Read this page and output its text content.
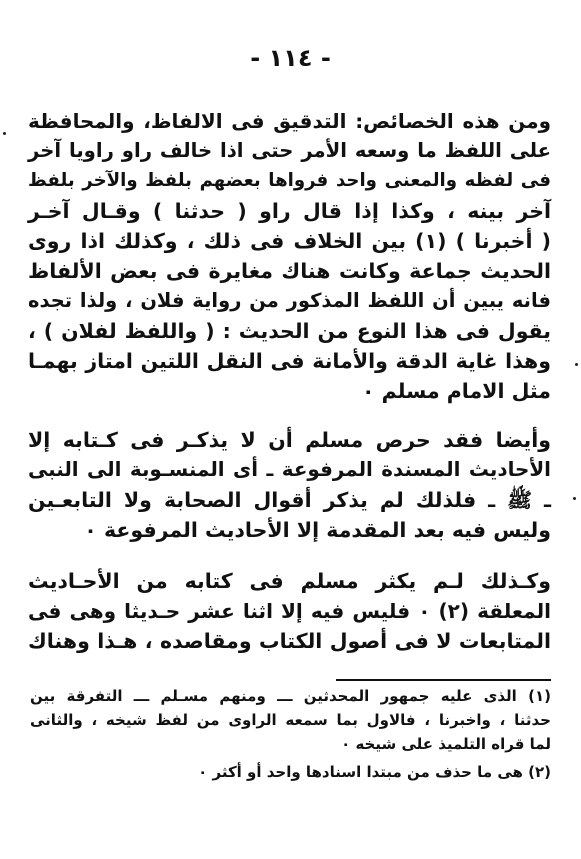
- ١١٤ -

ومن هذه الخصائص: التدقيق فى الالفاظ، والمحافظة
على اللفظ ما وسعه الأمر حتى اذا خالف راو راويا آخر
فى لفظه والمعنى واحد فرواها بعضهم بلفظ والآخر بلفظ
آخر بينه ، وكذا إذا قال راو ( حدثنا ) وقـال آخـر
( أخبرنا ) (١) بين الخلاف فى ذلك ، وكذلك اذا روى
الحديث جماعة وكانت هناك مغايرة فى بعض الألفاظ
فانه يبين أن اللفظ المذكور من رواية فلان ، ولذا تجده
يقول فى هذا النوع من الحديث : ( واللفظ لفلان ) ،
وهذا غاية الدقة والأمانة فى النقل اللتين امتاز بهمـا
مثل الامام مسلم ٠

وأيضا فقد حرص مسلم أن لا يذكـر فى كـتابه إلا
الأحاديث المسندة المرفوعة ـ أى المنسـوبة الى النبى
ـ ﷺ ـ فلذلك لم يذكر أقوال الصحابة ولا التابعـين
وليس فيه بعد المقدمة إلا الأحاديث المرفوعة ٠

وكـذلك لـم يكثر مسلم فى كتابه من الأحـاديث
المعلقة (٢) ٠ فليس فيه إلا اثنا عشر حـديثا وهى فى
المتابعات لا فى أصول الكتاب ومقاصده ، هـذا وهناك

(١) الذى عليه جمهور المحدثين ـــ ومنهم مسـلم ـــ التفرقة بين
حدثنا ، واخبرنا ، فالاول بما سمعه الراوى من لفظ شيخه ، والثانى
لما قراه التلميذ على شيخه ٠

(٢) هى ما حذف من مبتدا اسنادها واحد أو أكثر ٠
